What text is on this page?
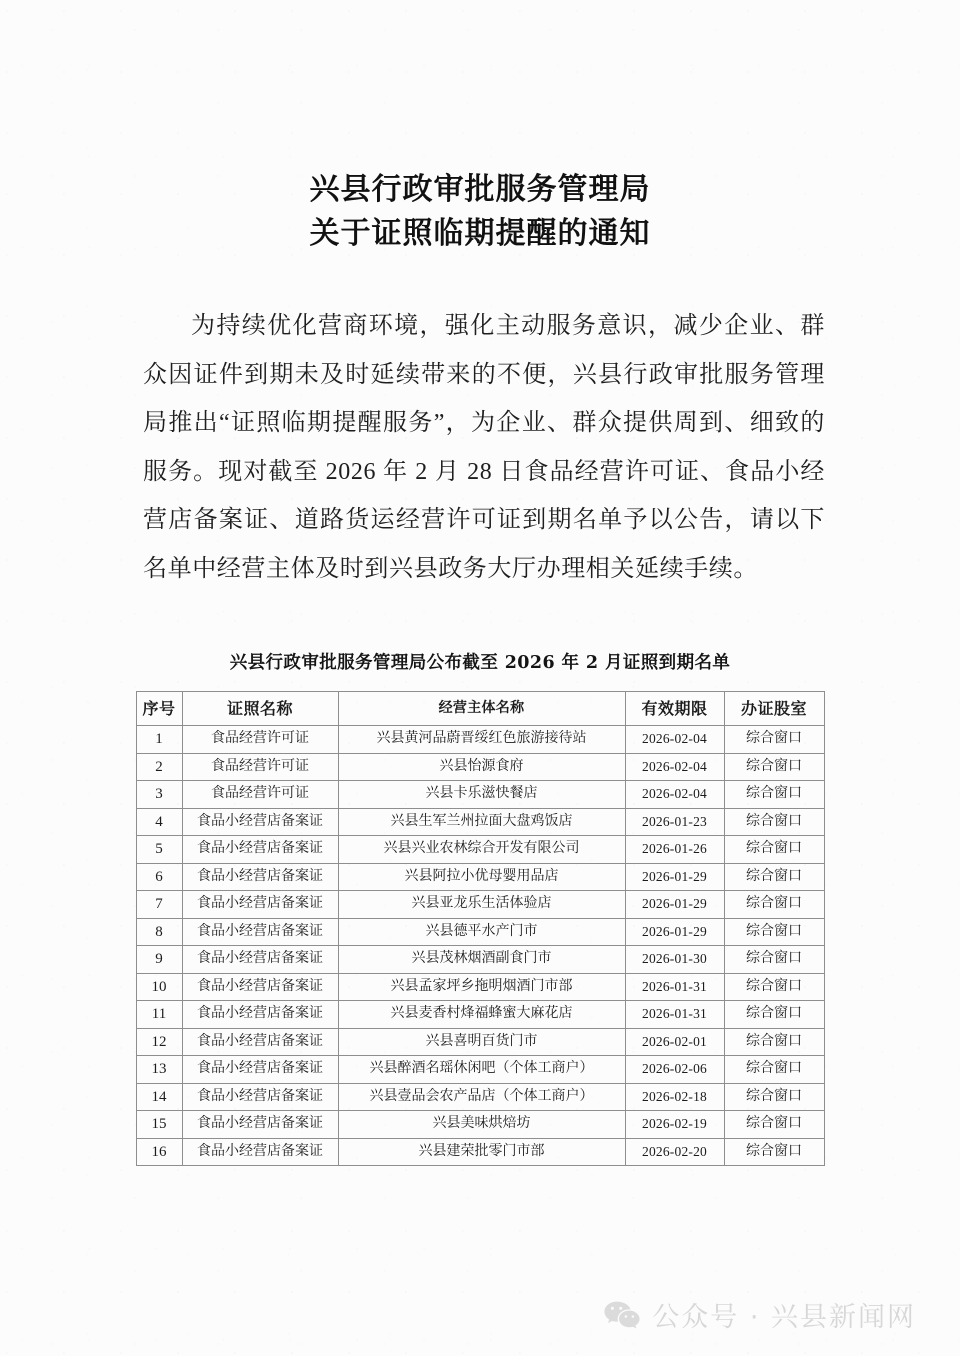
兴县行政审批服务管理局
关于证照临期提醒的通知

为持续优化营商环境，强化主动服务意识，减少企业、群众因证件到期未及时延续带来的不便，兴县行政审批服务管理局推出“证照临期提醒服务”，为企业、群众提供周到、细致的服务。现对截至 2026 年 2 月 28 日食品经营许可证、食品小经营店备案证、道路货运经营许可证到期名单予以公告，请以下名单中经营主体及时到兴县政务大厅办理相关延续手续。

兴县行政审批服务管理局公布截至 2026 年 2 月证照到期名单
序号	证照名称	经营主体名称	有效期限	办证股室
1	食品经营许可证	兴县黄河品蔚晋绥红色旅游接待站	2026-02-04	综合窗口
2	食品经营许可证	兴县怡源食府	2026-02-04	综合窗口
3	食品经营许可证	兴县卡乐滋快餐店	2026-02-04	综合窗口
4	食品小经营店备案证	兴县生军兰州拉面大盘鸡饭店	2026-01-23	综合窗口
5	食品小经营店备案证	兴县兴业农林综合开发有限公司	2026-01-26	综合窗口
6	食品小经营店备案证	兴县阿拉小优母婴用品店	2026-01-29	综合窗口
7	食品小经营店备案证	兴县亚龙乐生活体验店	2026-01-29	综合窗口
8	食品小经营店备案证	兴县德平水产门市	2026-01-29	综合窗口
9	食品小经营店备案证	兴县茂林烟酒副食门市	2026-01-30	综合窗口
10	食品小经营店备案证	兴县孟家坪乡拖明烟酒门市部	2026-01-31	综合窗口
11	食品小经营店备案证	兴县麦香村烽福蜂蜜大麻花店	2026-01-31	综合窗口
12	食品小经营店备案证	兴县喜明百货门市	2026-02-01	综合窗口
13	食品小经营店备案证	兴县醉酒名瑶休闲吧（个体工商户）	2026-02-06	综合窗口
14	食品小经营店备案证	兴县壹品会农产品店（个体工商户）	2026-02-18	综合窗口
15	食品小经营店备案证	兴县美味烘焙坊	2026-02-19	综合窗口
16	食品小经营店备案证	兴县建荣批零门市部	2026-02-20	综合窗口
公众号 · 兴县新闻网
